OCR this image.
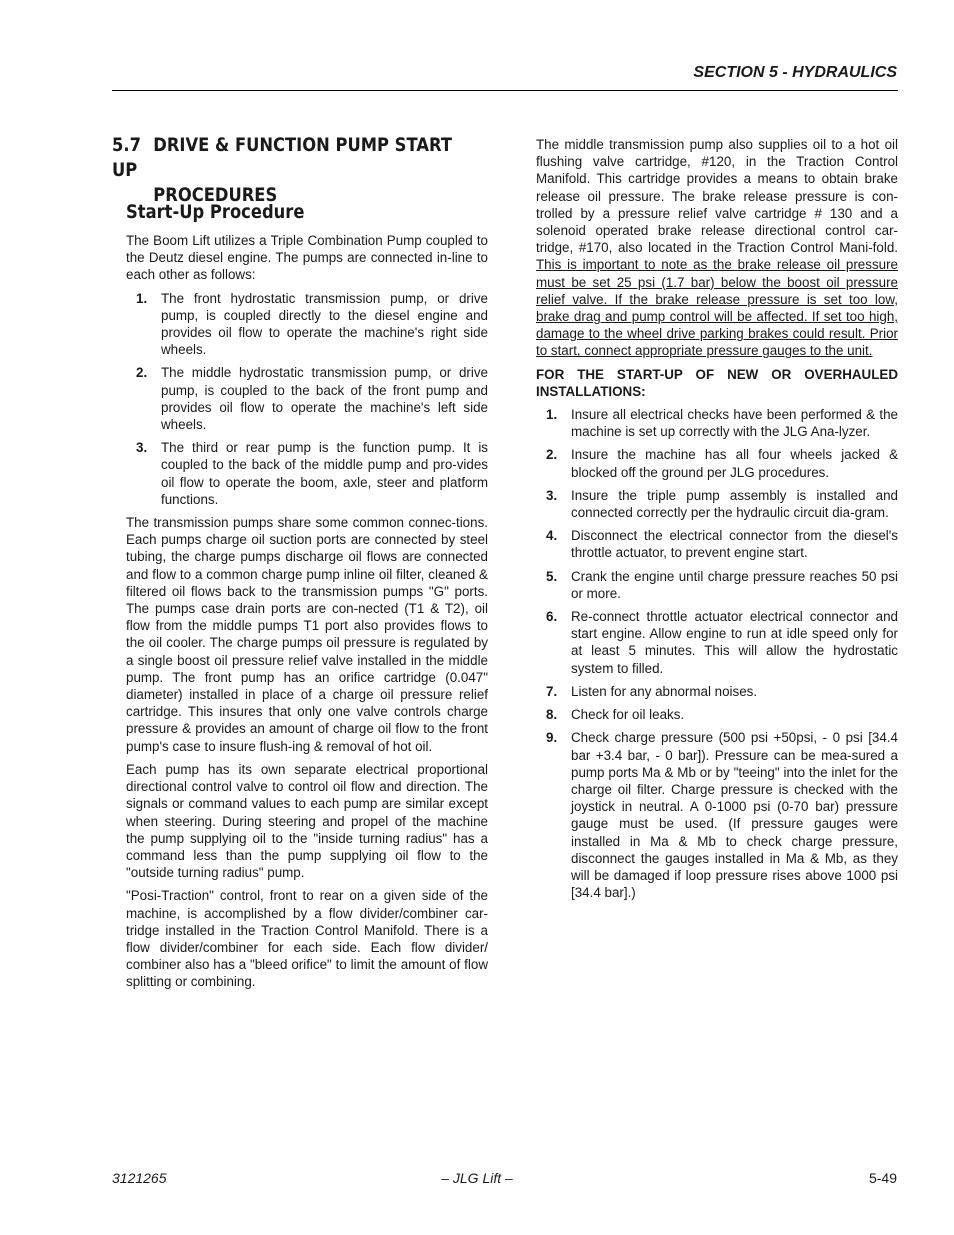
SECTION 5 - HYDRAULICS
5.7 DRIVE & FUNCTION PUMP START UP
PROCEDURES
Start-Up Procedure

The Boom Lift utilizes a Triple Combination Pump coupled to the Deutz diesel engine. The pumps are connected in-line to each other as follows:

1. The front hydrostatic transmission pump, or drive pump, is coupled directly to the diesel engine and provides oil flow to operate the machine's right side wheels.
2. The middle hydrostatic transmission pump, or drive pump, is coupled to the back of the front pump and provides oil flow to operate the machine's left side wheels.
3. The third or rear pump is the function pump. It is coupled to the back of the middle pump and pro-vides oil flow to operate the boom, axle, steer and platform functions.

The transmission pumps share some common connec-tions. Each pumps charge oil suction ports are connected by steel tubing, the charge pumps discharge oil flows are connected and flow to a common charge pump inline oil filter, cleaned & filtered oil flows back to the transmission pumps "G" ports. The pumps case drain ports are con-nected (T1 & T2), oil flow from the middle pumps T1 port also provides flows to the oil cooler. The charge pumps oil pressure is regulated by a single boost oil pressure relief valve installed in the middle pump. The front pump has an orifice cartridge (0.047" diameter) installed in place of a charge oil pressure relief cartridge. This insures that only one valve controls charge pressure & provides an amount of charge oil flow to the front pump's case to insure flush-ing & removal of hot oil.

Each pump has its own separate electrical proportional directional control valve to control oil flow and direction. The signals or command values to each pump are similar except when steering. During steering and propel of the machine the pump supplying oil to the "inside turning radius" has a command less than the pump supplying oil flow to the "outside turning radius" pump.

"Posi-Traction" control, front to rear on a given side of the machine, is accomplished by a flow divider/combiner car-tridge installed in the Traction Control Manifold. There is a flow divider/combiner for each side. Each flow divider/ combiner also has a "bleed orifice" to limit the amount of flow splitting or combining.

The middle transmission pump also supplies oil to a hot oil flushing valve cartridge, #120, in the Traction Control Manifold. This cartridge provides a means to obtain brake release oil pressure. The brake release pressure is con-trolled by a pressure relief valve cartridge # 130 and a solenoid operated brake release directional control car-tridge, #170, also located in the Traction Control Mani-fold. This is important to note as the brake release oil pressure must be set 25 psi (1.7 bar) below the boost oil pressure relief valve. If the brake release pressure is set too low, brake drag and pump control will be affected. If set too high, damage to the wheel drive parking brakes could result. Prior to start, connect appropriate pressure gauges to the unit.

FOR THE START-UP OF NEW OR OVERHAULED INSTALLATIONS:
1. Insure all electrical checks have been performed & the machine is set up correctly with the JLG Ana-lyzer.
2. Insure the machine has all four wheels jacked & blocked off the ground per JLG procedures.
3. Insure the triple pump assembly is installed and connected correctly per the hydraulic circuit dia-gram.
4. Disconnect the electrical connector from the diesel's throttle actuator, to prevent engine start.
5. Crank the engine until charge pressure reaches 50 psi or more.
6. Re-connect throttle actuator electrical connector and start engine. Allow engine to run at idle speed only for at least 5 minutes. This will allow the hydrostatic system to filled.
7. Listen for any abnormal noises.
8. Check for oil leaks.
9. Check charge pressure (500 psi +50psi, - 0 psi [34.4 bar +3.4 bar, - 0 bar]). Pressure can be mea-sured a pump ports Ma & Mb or by "teeing" into the inlet for the charge oil filter. Charge pressure is checked with the joystick in neutral. A 0-1000 psi (0-70 bar) pressure gauge must be used. (If pressure gauges were installed in Ma & Mb to check charge pressure, disconnect the gauges installed in Ma & Mb, as they will be damaged if loop pressure rises above 1000 psi [34.4 bar].)
3121265	– JLG Lift –	5-49
